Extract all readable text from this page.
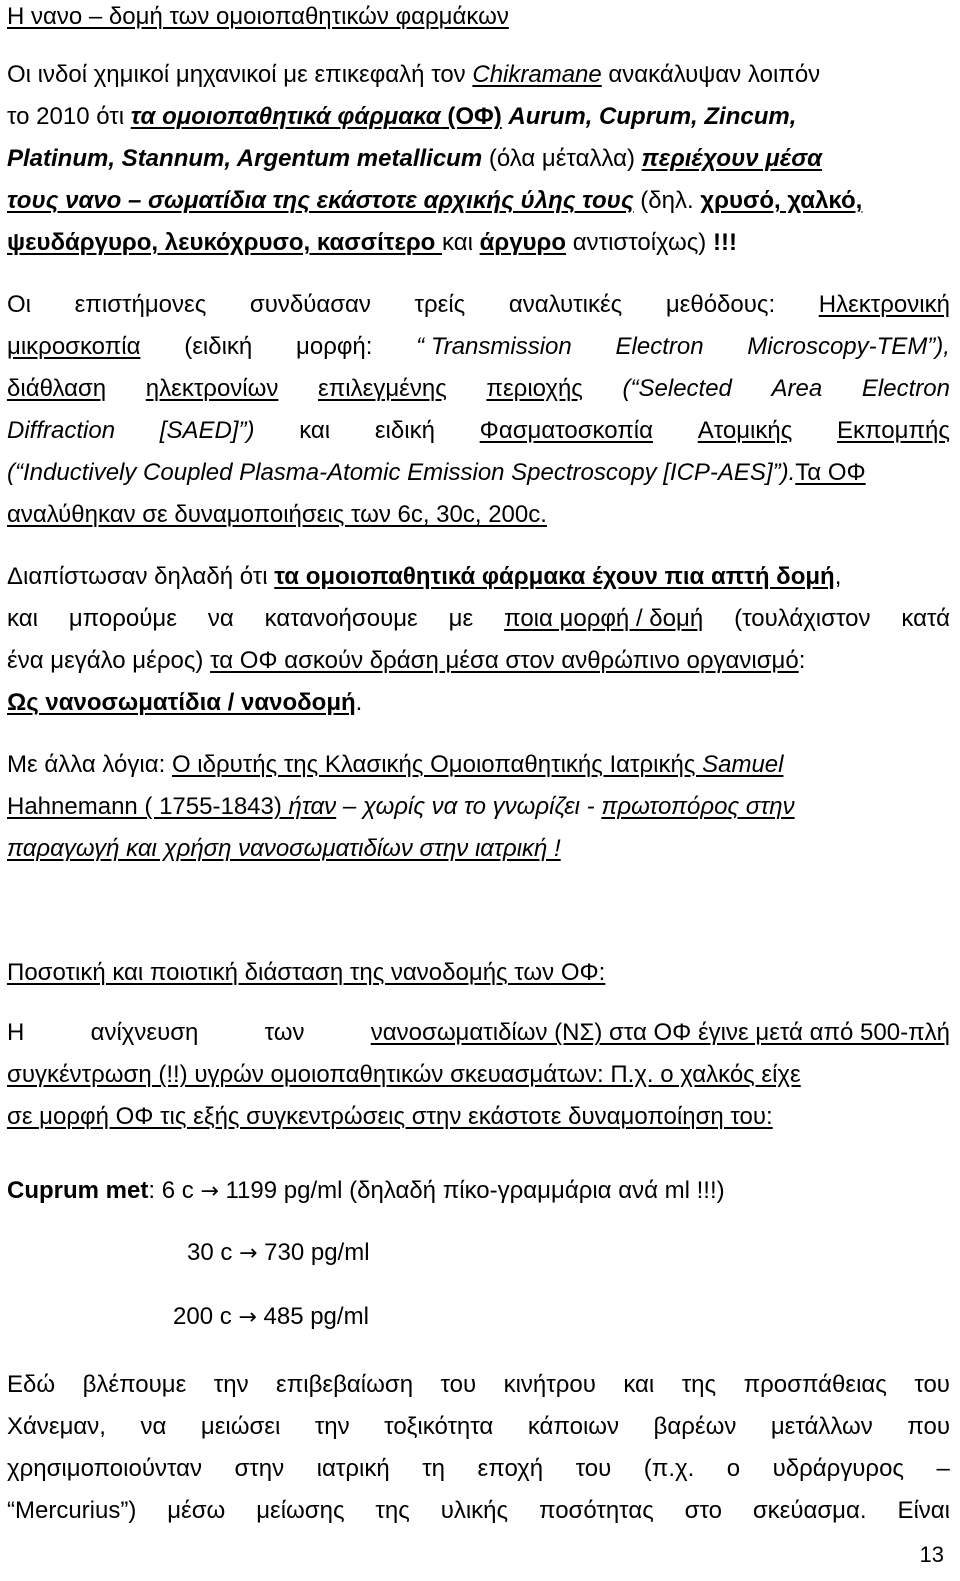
Η νανο – δομή των ομοιοπαθητικών φαρμάκων
Οι ινδοί χημικοί μηχανικοί με επικεφαλή τον Chikramane ανακάλυψαν λοιπόν
το 2010 ότι τα ομοιοπαθητικά φάρμακα (ΟΦ) Aurum, Cuprum, Zincum,
Platinum, Stannum, Argentum metallicum (όλα μέταλλα) περιέχουν μέσα
τους νανο – σωματίδια της εκάστοτε αρχικής ύλης τους (δηλ. χρυσό, χαλκό,
ψευδάργυρο, λευκόχρυσο, κασσίτερο και άργυρο αντιστοίχως) !!!
Οι επιστήμονες συνδύασαν τρείς αναλυτικές μεθόδους: Ηλεκτρονική
μικροσκοπία (ειδική μορφή: “ Transmission Electron Microscopy-TEM”),
διάθλαση ηλεκτρονίων επιλεγμένης περιοχής (“Selected Area Electron
Diffraction [SAED]”) και ειδική Φασματοσκοπία Ατομικής Εκπομπής
(“Inductively Coupled Plasma-Atomic Emission Spectroscopy [ICP-AES]”).Τα ΟΦ
αναλύθηκαν σε δυναμοποιήσεις των 6c, 30c, 200c.
Διαπίστωσαν δηλαδή ότι τα ομοιοπαθητικά φάρμακα έχουν πια απτή δομή,
και μπορούμε να κατανοήσουμε με ποια μορφή / δομή (τουλάχιστον κατά
ένα μεγάλο μέρος) τα ΟΦ ασκούν δράση μέσα στον ανθρώπινο οργανισμό:
Ως νανοσωματίδια / νανοδομή.
Με άλλα λόγια: Ο ιδρυτής της Κλασικής Ομοιοπαθητικής Ιατρικής Samuel
Hahnemann ( 1755-1843) ήταν – χωρίς να το γνωρίζει - πρωτοπόρος στην
παραγωγή και χρήση νανοσωματιδίων στην ιατρική !
Ποσοτική και ποιοτική διάσταση της νανοδομής των ΟΦ:
Η	ανίχνευση	των	νανοσωματιδίων (ΝΣ) στα ΟΦ έγινε μετά από 500-πλή
συγκέντρωση (!!) υγρών ομοιοπαθητικών σκευασμάτων: Π.χ. ο χαλκός είχε
σε μορφή ΟΦ τις εξής συγκεντρώσεις στην εκάστοτε δυναμοποίηση του:
Cuprum met: 6 c → 1199 pg/ml (δηλαδή πίκο-γραμμάρια ανά ml !!!)
30 c → 730 pg/ml
200 c → 485 pg/ml
Εδώ βλέπουμε την επιβεβαίωση του κινήτρου και της προσπάθειας του
Χάνεμαν, να μειώσει την τοξικότητα κάποιων βαρέων μετάλλων που
χρησιμοποιούνταν στην ιατρική τη εποχή του (π.χ. ο υδράργυρος –
“Mercurius”) μέσω μείωσης της υλικής ποσότητας στο σκεύασμα. Είναι
13
